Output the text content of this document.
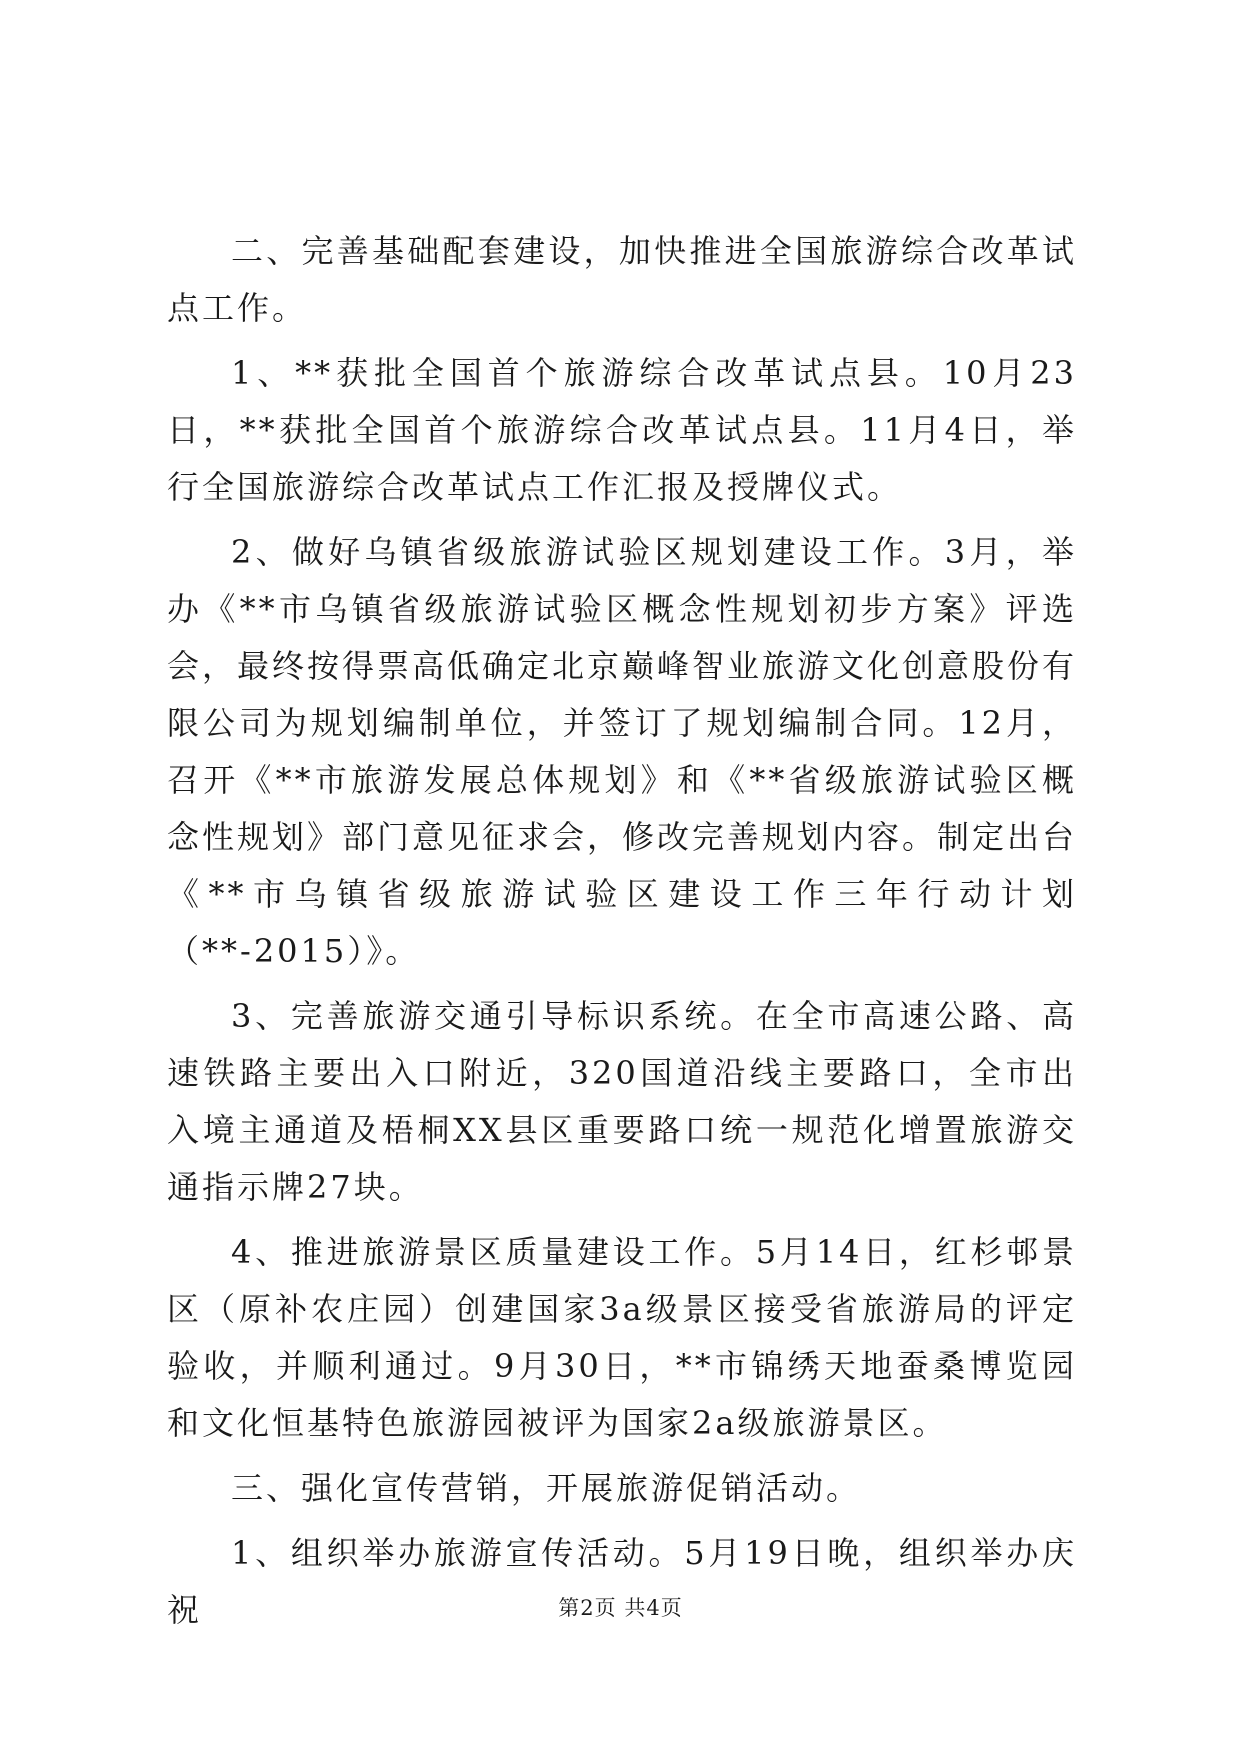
二、完善基础配套建设，加快推进全国旅游综合改革试点工作。

1、**获批全国首个旅游综合改革试点县。10月23日，**获批全国首个旅游综合改革试点县。11月4日，举行全国旅游综合改革试点工作汇报及授牌仪式。

2、做好乌镇省级旅游试验区规划建设工作。3月，举办《**市乌镇省级旅游试验区概念性规划初步方案》评选会，最终按得票高低确定北京巅峰智业旅游文化创意股份有限公司为规划编制单位，并签订了规划编制合同。12月，召开《**市旅游发展总体规划》和《**省级旅游试验区概念性规划》部门意见征求会，修改完善规划内容。制定出台《**市乌镇省级旅游试验区建设工作三年行动计划（**-2015）》。

3、完善旅游交通引导标识系统。在全市高速公路、高速铁路主要出入口附近，320国道沿线主要路口，全市出入境主通道及梧桐XX县区重要路口统一规范化增置旅游交通指示牌27块。

4、推进旅游景区质量建设工作。5月14日，红杉邨景区（原补农庄园）创建国家3a级景区接受省旅游局的评定验收，并顺利通过。9月30日，**市锦绣天地蚕桑博览园和文化恒基特色旅游园被评为国家2a级旅游景区。

三、强化宣传营销，开展旅游促销活动。

1、组织举办旅游宣传活动。5月19日晚，组织举办庆祝	第2页 共4页
